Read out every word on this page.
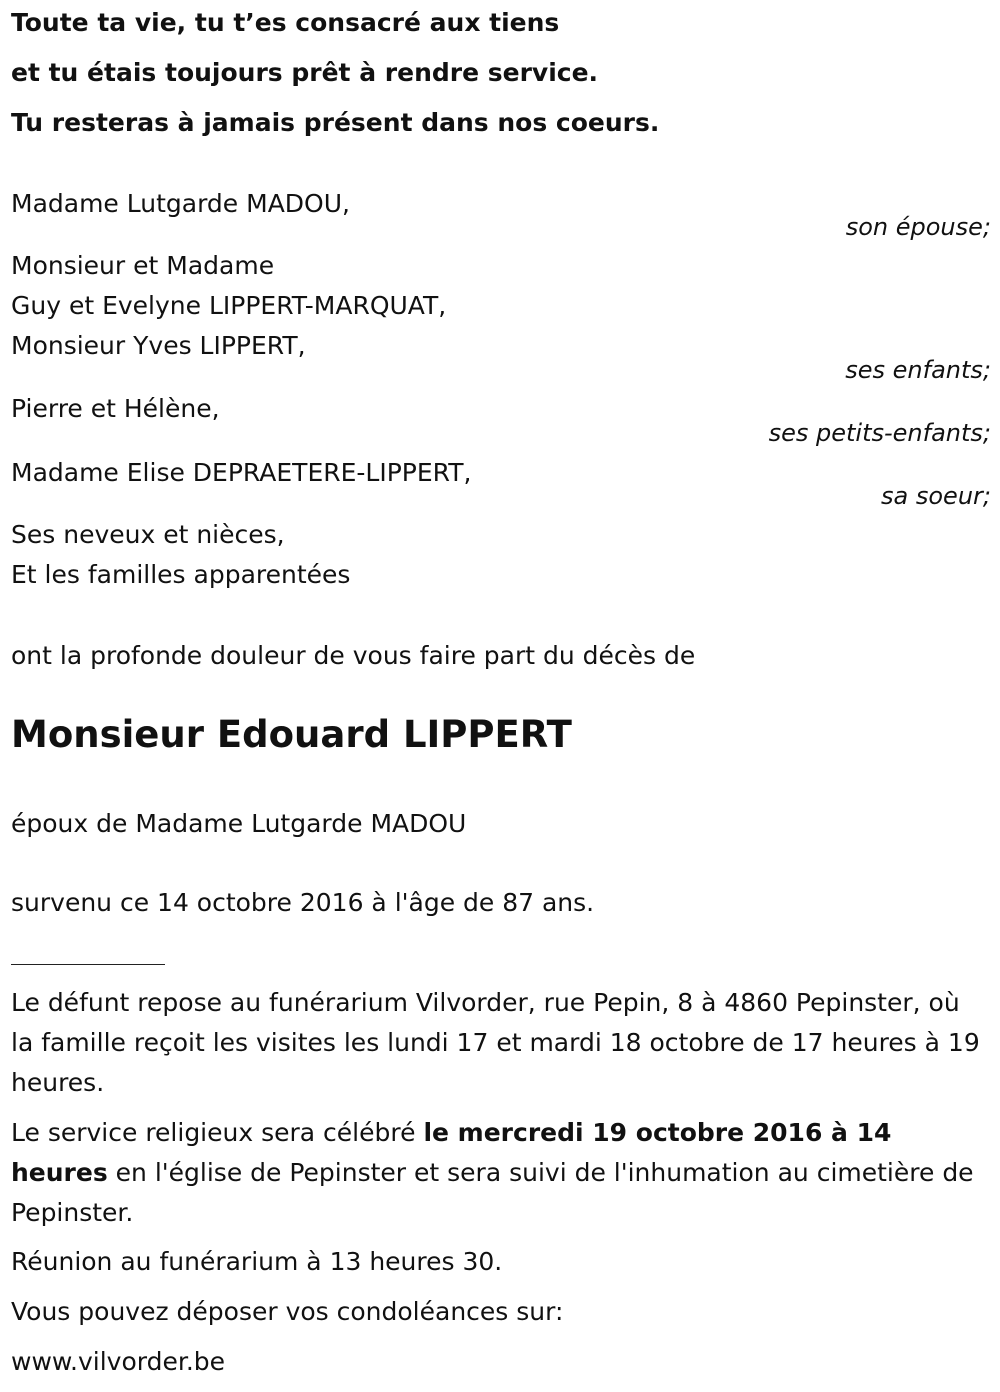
Toute ta vie, tu t’es consacré aux tiens
et tu étais toujours prêt à rendre service.
Tu resteras à jamais présent dans nos coeurs.
Madame Lutgarde MADOU,
son épouse;
Monsieur et Madame
Guy et Evelyne LIPPERT-MARQUAT,
Monsieur Yves LIPPERT,
ses enfants;
Pierre et Hélène,
ses petits-enfants;
Madame Elise DEPRAETERE-LIPPERT,
sa soeur;
Ses neveux et nièces,
Et les familles apparentées
ont la profonde douleur de vous faire part du décès de
Monsieur Edouard LIPPERT
époux de Madame Lutgarde MADOU
survenu ce 14 octobre 2016 à l'âge de 87 ans.
Le défunt repose au funérarium Vilvorder, rue Pepin, 8 à 4860 Pepinster, où la famille reçoit les visites les lundi 17 et mardi 18 octobre de 17 heures à 19 heures.
Le service religieux sera célébré le mercredi 19 octobre 2016 à 14 heures en l'église de Pepinster et sera suivi de l'inhumation au cimetière de Pepinster.
Réunion au funérarium à 13 heures 30.
Vous pouvez déposer vos condoléances sur:
www.vilvorder.be
